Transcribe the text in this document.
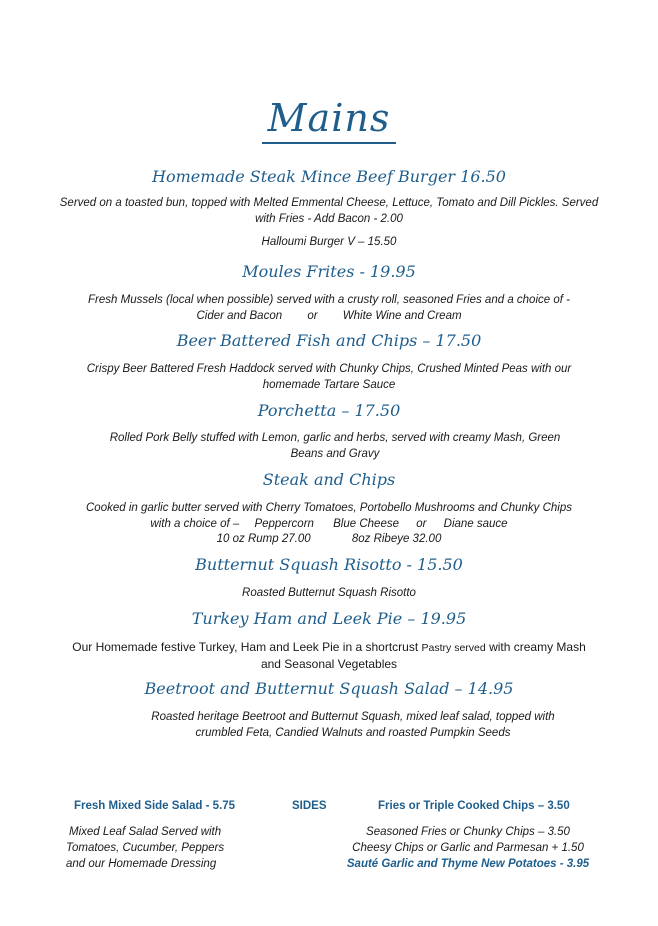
Mains
Homemade Steak Mince Beef Burger 16.50
Served on a toasted bun, topped with Melted Emmental Cheese, Lettuce, Tomato and Dill Pickles. Served
with Fries - Add Bacon - 2.00
Halloumi Burger V – 15.50
Moules Frites - 19.95
Fresh Mussels (local when possible) served with a crusty roll, seasoned Fries and a choice of -
Cider and Bacon or White Wine and Cream
Beer Battered Fish and Chips – 17.50
Crispy Beer Battered Fresh Haddock served with Chunky Chips, Crushed Minted Peas with our
homemade Tartare Sauce
Porchetta – 17.50
Rolled Pork Belly stuffed with Lemon, garlic and herbs, served with creamy Mash, Green
Beans and Gravy
Steak and Chips
Cooked in garlic butter served with Cherry Tomatoes, Portobello Mushrooms and Chunky Chips
with a choice of – Peppercorn Blue Cheese or Diane sauce
10 oz Rump 27.00	8oz Ribeye 32.00
Butternut Squash Risotto - 15.50
Roasted Butternut Squash Risotto
Turkey Ham and Leek Pie – 19.95
Our Homemade festive Turkey, Ham and Leek Pie in a shortcrust Pastry served with creamy Mash
and Seasonal Vegetables
Beetroot and Butternut Squash Salad – 14.95
Roasted heritage Beetroot and Butternut Squash, mixed leaf salad, topped with
crumbled Feta, Candied Walnuts and roasted Pumpkin Seeds
Fresh Mixed Side Salad - 5.75	SIDES	Fries or Triple Cooked Chips – 3.50
Mixed Leaf Salad Served with
Tomatoes, Cucumber, Peppers
and our Homemade Dressing
Seasoned Fries or Chunky Chips – 3.50
Cheesy Chips or Garlic and Parmesan + 1.50
Sauté Garlic and Thyme New Potatoes - 3.95
